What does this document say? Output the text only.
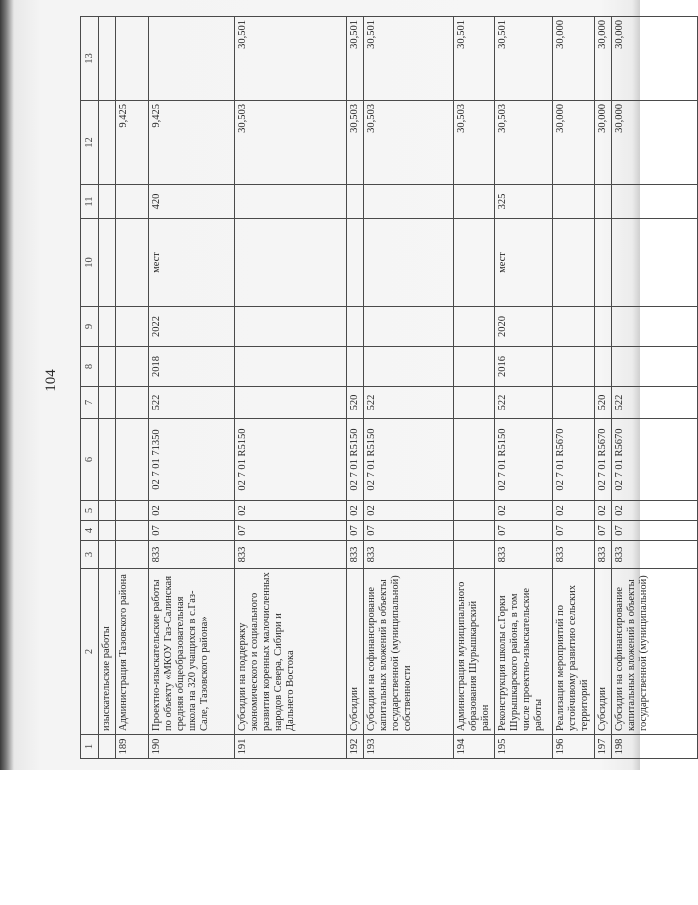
104
1	2	3	4	5	6	7	8	9	10	11	12	13
	изыскательские работы											
189	Администрация Тазовского района										9,425	
190	Проектно-изыскательские работы по объекту «МКОУ Газ-Салинская средняя общеобразовательная школа на 320 учащихся в с.Газ-Сале, Тазовского района»	833	07	02	02 7 01 71350	522	2018	2022	мест	420	9,425	
191	Субсидии на поддержку экономического и социального развития коренных малочисленных народов Севера, Сибири и Дальнего Востока	833	07	02	02 7 01 R5150						30,503	30,501
192	Субсидии	833	07	02	02 7 01 R5150	520					30,503	30,501
193	Субсидии на софинансирование капитальных вложений в объекты государственной (муниципальной) собственности	833	07	02	02 7 01 R5150	522					30,503	30,501
194	Администрация муниципального образования Шурышкарский район										30,503	30,501
195	Реконструкция школы с.Горки Шурышкарского района, в том числе проектно-изыскательские работы	833	07	02	02 7 01 R5150	522	2016	2020	мест	325	30,503	30,501
196	Реализация мероприятий по устойчивому развитию сельских территорий	833	07	02	02 7 01 R5670						30,000	30,000
197	Субсидии	833	07	02	02 7 01 R5670	520					30,000	30,000
198	Субсидии на софинансирование капитальных вложений в объекты государственной (муниципальной)	833	07	02	02 7 01 R5670	522					30,000	30,000
